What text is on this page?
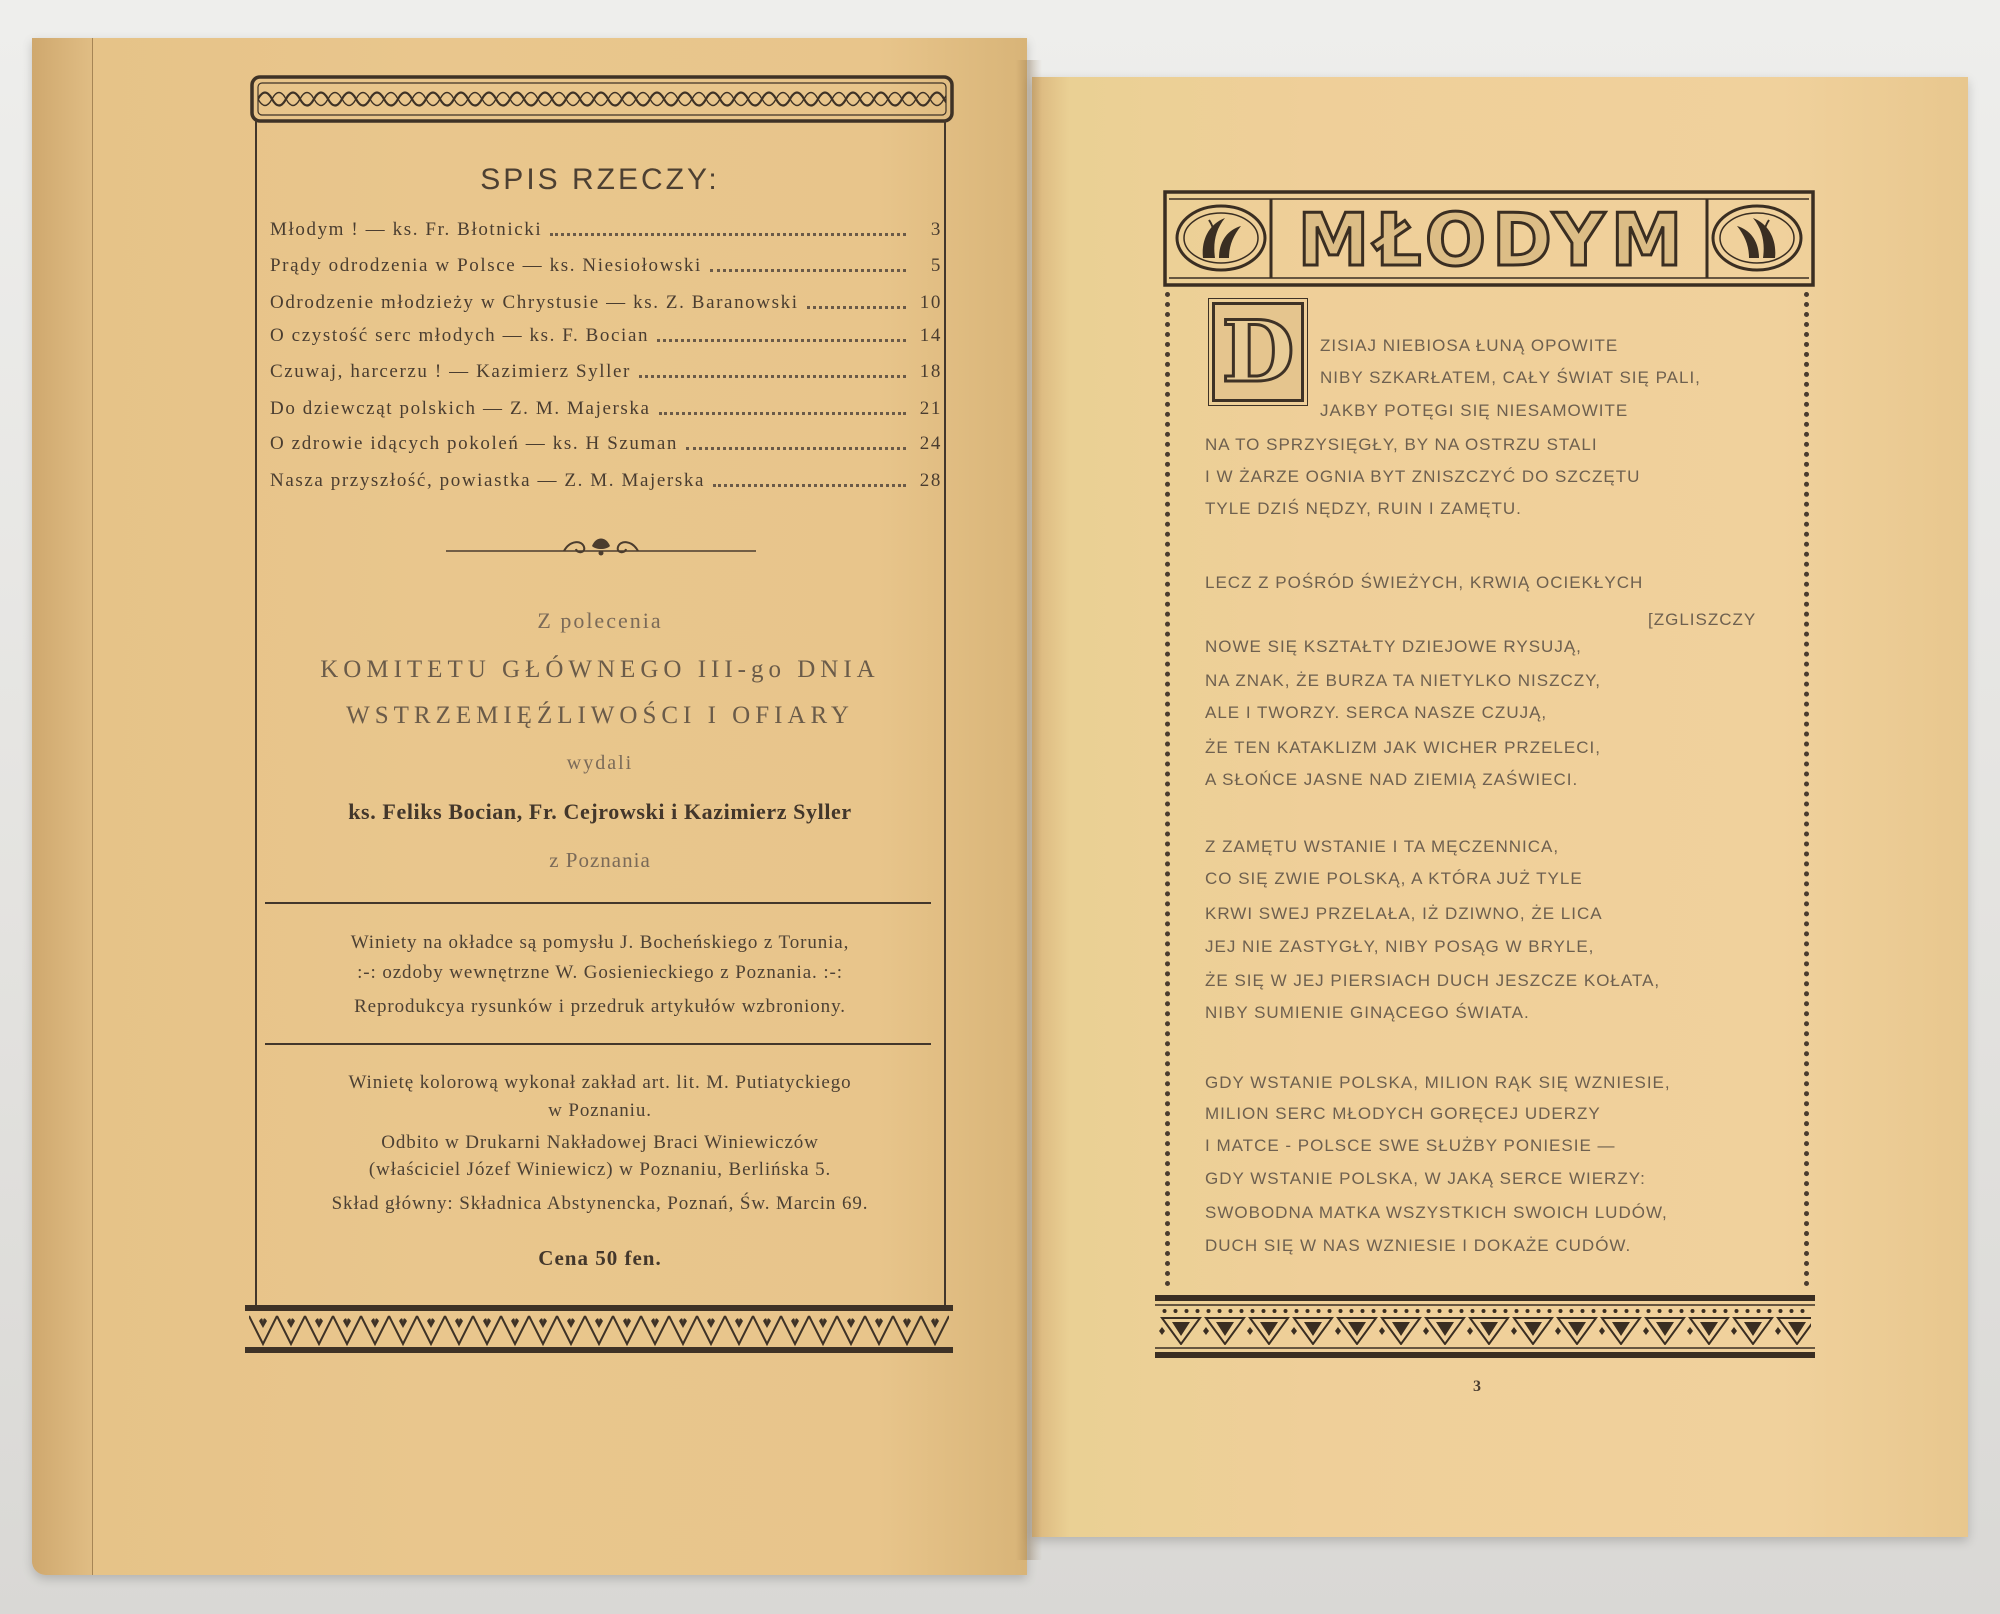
SPIS RZECZY:
Młodym ! — ks. Fr. Błotnicki	3
Prądy odrodzenia w Polsce — ks. Niesiołowski	5
Odrodzenie młodzieży w Chrystusie — ks. Z. Baranowski	10
O czystość serc młodych — ks. F. Bocian	14
Czuwaj, harcerzu ! — Kazimierz Syller	18
Do dziewcząt polskich — Z. M. Majerska	21
O zdrowie idących pokoleń — ks. H Szuman	24
Nasza przyszłość, powiastka — Z. M. Majerska	28
Z polecenia
KOMITETU GŁÓWNEGO III-go DNIA
WSTRZEMIĘŹLIWOŚCI I OFIARY
wydali
ks. Feliks Bocian, Fr. Cejrowski i Kazimierz Syller
z Poznania
Winiety na okładce są pomysłu J. Bocheńskiego z Torunia,
:-: ozdoby wewnętrzne W. Gosienieckiego z Poznania. :-:
Reprodukcya rysunków i przedruk artykułów wzbroniony.
Winietę kolorową wykonał zakład art. lit. M. Putiatyckiego
w Poznaniu.
Odbito w Drukarni Nakładowej Braci Winiewiczów
(właściciel Józef Winiewicz) w Poznaniu, Berlińska 5.
Skład główny: Składnica Abstynencka, Poznań, Św. Marcin 69.
Cena 50 fen.
MŁODYM
D	ZISIAJ NIEBIOSA ŁUNĄ OPOWITE
NIBY SZKARŁATEM, CAŁY ŚWIAT SIĘ PALI,
JAKBY POTĘGI SIĘ NIESAMOWITE
NA TO SPRZYSIĘGŁY, BY NA OSTRZU STALI
I W ŻARZE OGNIA BYT ZNISZCZYĆ DO SZCZĘTU
TYLE DZIŚ NĘDZY, RUIN I ZAMĘTU.
LECZ Z POŚRÓD ŚWIEŻYCH, KRWIĄ OCIEKŁYCH
[ZGLISZCZY
NOWE SIĘ KSZTAŁTY DZIEJOWE RYSUJĄ,
NA ZNAK, ŻE BURZA TA NIETYLKO NISZCZY,
ALE I TWORZY. SERCA NASZE CZUJĄ,
ŻE TEN KATAKLIZM JAK WICHER PRZELECI,
A SŁOŃCE JASNE NAD ZIEMIĄ ZAŚWIECI.
Z ZAMĘTU WSTANIE I TA MĘCZENNICA,
CO SIĘ ZWIE POLSKĄ, A KTÓRA JUŻ TYLE
KRWI SWEJ PRZELAŁA, IŻ DZIWNO, ŻE LICA
JEJ NIE ZASTYGŁY, NIBY POSĄG W BRYLE,
ŻE SIĘ W JEJ PIERSIACH DUCH JESZCZE KOŁATA,
NIBY SUMIENIE GINĄCEGO ŚWIATA.
GDY WSTANIE POLSKA, MILION RĄK SIĘ WZNIESIE,
MILION SERC MŁODYCH GORĘCEJ UDERZY
I MATCE - POLSCE SWE SŁUŻBY PONIESIE —
GDY WSTANIE POLSKA, W JAKĄ SERCE WIERZY:
SWOBODNA MATKA WSZYSTKICH SWOICH LUDÓW,
DUCH SIĘ W NAS WZNIESIE I DOKAŻE CUDÓW.
3
